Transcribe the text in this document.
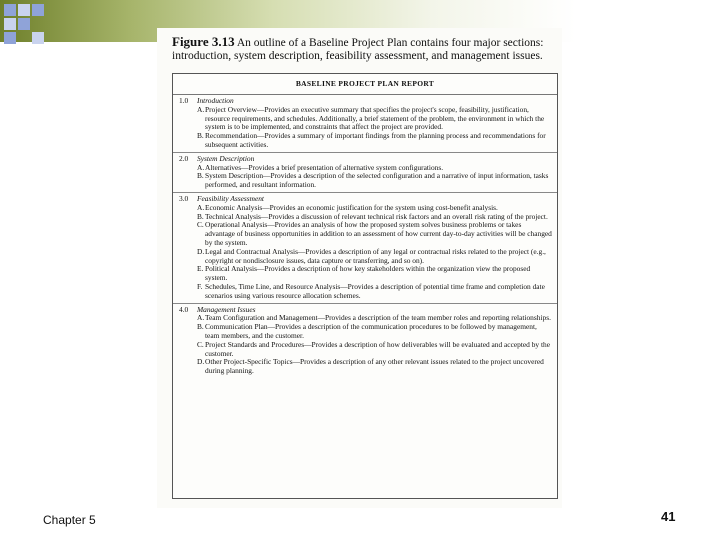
Figure 3.13 An outline of a Baseline Project Plan contains four major sections: introduction, system description, feasibility assessment, and management issues.
BASELINE PROJECT PLAN REPORT
1.0 Introduction
A. Project Overview—Provides an executive summary that specifies the project's scope, feasibility, justification, resource requirements, and schedules. Additionally, a brief statement of the problem, the environment in which the system is to be implemented, and constraints that affect the project are provided.
B. Recommendation—Provides a summary of important findings from the planning process and recommendations for subsequent activities.
2.0 System Description
A. Alternatives—Provides a brief presentation of alternative system configurations.
B. System Description—Provides a description of the selected configuration and a narrative of input information, tasks performed, and resultant information.
3.0 Feasibility Assessment
A. Economic Analysis—Provides an economic justification for the system using cost-benefit analysis.
B. Technical Analysis—Provides a discussion of relevant technical risk factors and an overall risk rating of the project.
C. Operational Analysis—Provides an analysis of how the proposed system solves business problems or takes advantage of business opportunities in addition to an assessment of how current day-to-day activities will be changed by the system.
D. Legal and Contractual Analysis—Provides a description of any legal or contractual risks related to the project (e.g., copyright or nondisclosure issues, data capture or transferring, and so on).
E. Political Analysis—Provides a description of how key stakeholders within the organization view the proposed system.
F. Schedules, Time Line, and Resource Analysis—Provides a description of potential time frame and completion date scenarios using various resource allocation schemes.
4.0 Management Issues
A. Team Configuration and Management—Provides a description of the team member roles and reporting relationships.
B. Communication Plan—Provides a description of the communication procedures to be followed by management, team members, and the customer.
C. Project Standards and Procedures—Provides a description of how deliverables will be evaluated and accepted by the customer.
D. Other Project-Specific Topics—Provides a description of any other relevant issues related to the project uncovered during planning.
Chapter 5	41
